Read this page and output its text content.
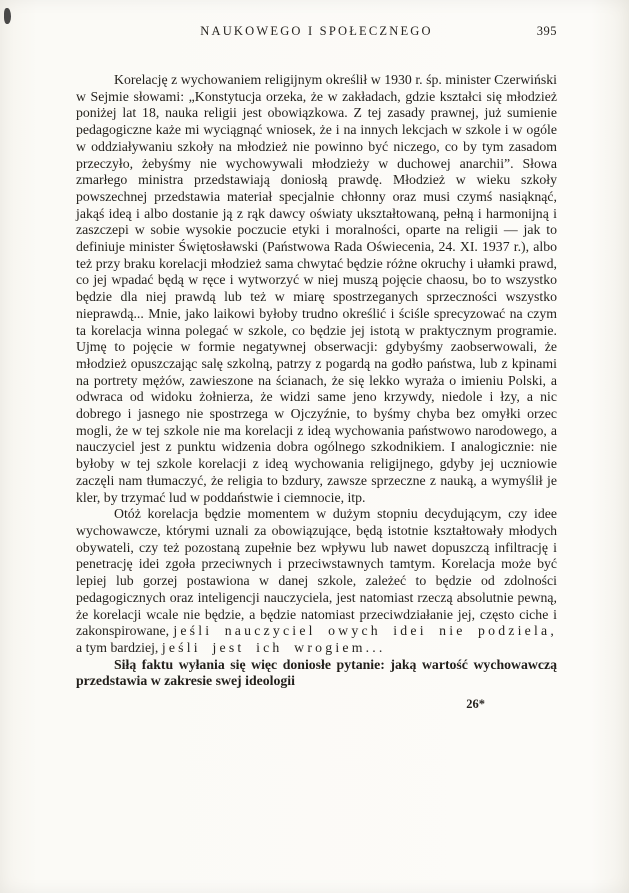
NAUKOWEGO I SPOŁECZNEGO	395

Korelację z wychowaniem religijnym określił w 1930 r. śp. minister Czerwiński w Sejmie słowami: „Konstytucja orzeka, że w zakładach, gdzie kształci się młodzież poniżej lat 18, nauka religii jest obowiązkowa. Z tej zasady prawnej, już sumienie pedagogiczne każe mi wyciągnąć wniosek, że i na innych lekcjach w szkole i w ogóle w oddziaływaniu szkoły na młodzież nie powinno być niczego, co by tym zasadom przeczyło, żebyśmy nie wychowywali młodzieży w duchowej anarchii”. Słowa zmarłego ministra przedstawiają doniosłą prawdę. Młodzież w wieku szkoły powszechnej przedstawia materiał specjalnie chłonny oraz musi czymś nasiąknąć, jakąś ideą i albo dostanie ją z rąk dawcy oświaty ukształtowaną, pełną i harmonijną i zaszczepi w sobie wysokie poczucie etyki i moralności, oparte na religii — jak to definiuje minister Świętosławski (Państwowa Rada Oświecenia, 24. XI. 1937 r.), albo też przy braku korelacji młodzież sama chwytać będzie różne okruchy i ułamki prawd, co jej wpadać będą w ręce i wytworzyć w niej muszą pojęcie chaosu, bo to wszystko będzie dla niej prawdą lub też w miarę spostrzeganych sprzeczności wszystko nieprawdą... Mnie, jako laikowi byłoby trudno określić i ściśle sprecyzować na czym ta korelacja winna polegać w szkole, co będzie jej istotą w praktycznym programie. Ujmę to pojęcie w formie negatywnej obserwacji: gdybyśmy zaobserwowali, że młodzież opuszczając salę szkolną, patrzy z pogardą na godło państwa, lub z kpinami na portrety mężów, zawieszone na ścianach, że się lekko wyraża o imieniu Polski, a odwraca od widoku żołnierza, że widzi same jeno krzywdy, niedole i łzy, a nic dobrego i jasnego nie spostrzega w Ojczyźnie, to byśmy chyba bez omyłki orzec mogli, że w tej szkole nie ma korelacji z ideą wychowania państwowo narodowego, a nauczyciel jest z punktu widzenia dobra ogólnego szkodnikiem. I analogicznie: nie byłoby w tej szkole korelacji z ideą wychowania religijnego, gdyby jej uczniowie zaczęli nam tłumaczyć, że religia to bzdury, zawsze sprzeczne z nauką, a wymyślił je kler, by trzymać lud w poddaństwie i ciemnocie, itp.

Otóż korelacja będzie momentem w dużym stopniu decydującym, czy idee wychowawcze, którymi uznali za obowiązujące, będą istotnie kształtowały młodych obywateli, czy też pozostaną zupełnie bez wpływu lub nawet dopuszczą infiltrację i penetrację idei zgoła przeciwnych i przeciwstawnych tamtym. Korelacja może być lepiej lub gorzej postawiona w danej szkole, zależeć to będzie od zdolności pedagogicznych oraz inteligencji nauczyciela, jest natomiast rzeczą absolutnie pewną, że korelacji wcale nie będzie, a będzie natomiast przeciwdziałanie jej, często ciche i zakonspirowane, jeśli nauczyciel owych idei nie podziela, a tym bardziej, jeśli jest ich wrogiem...

Siłą faktu wyłania się więc doniosłe pytanie: jaką wartość wychowawczą przedstawia w zakresie swej ideologii

26*
